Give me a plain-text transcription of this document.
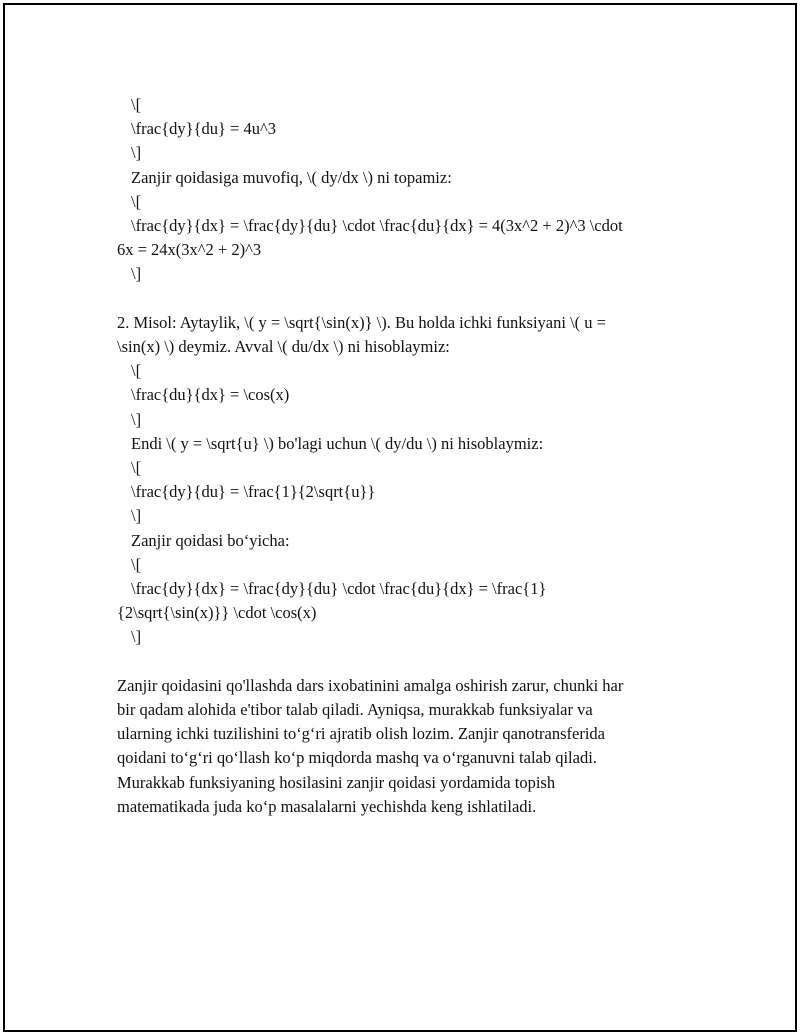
\[

\frac{dy}{du} = 4u^3

\]

Zanjir qoidasiga muvofiq, \( dy/dx \) ni topamiz:

\[

\frac{dy}{dx} = \frac{dy}{du} \cdot \frac{du}{dx} = 4(3x^2 + 2)^3 \cdot

6x = 24x(3x^2 + 2)^3

\]

2. Misol: Aytaylik, \( y = \sqrt{\sin(x)} \). Bu holda ichki funksiyani \( u =

\sin(x) \) deymiz. Avval \( du/dx \) ni hisoblaymiz:

\[

\frac{du}{dx} = \cos(x)

\]

Endi \( y = \sqrt{u} \) bo'lagi uchun \( dy/du \) ni hisoblaymiz:

\[

\frac{dy}{du} = \frac{1}{2\sqrt{u}}

\]

Zanjir qoidasi bo‘yicha:

\[

\frac{dy}{dx} = \frac{dy}{du} \cdot \frac{du}{dx} = \frac{1}

{2\sqrt{\sin(x)}} \cdot \cos(x)

\]

Zanjir qoidasini qo'llashda dars ixobatinini amalga oshirish zarur, chunki har

bir qadam alohida e'tibor talab qiladi. Ayniqsa, murakkab funksiyalar va

ularning ichki tuzilishini to‘g‘ri ajratib olish lozim. Zanjir qanotransferida

qoidani to‘g‘ri qo‘llash ko‘p miqdorda mashq va o‘rganuvni talab qiladi.

Murakkab funksiyaning hosilasini zanjir qoidasi yordamida topish

matematikada juda ko‘p masalalarni yechishda keng ishlatiladi.
